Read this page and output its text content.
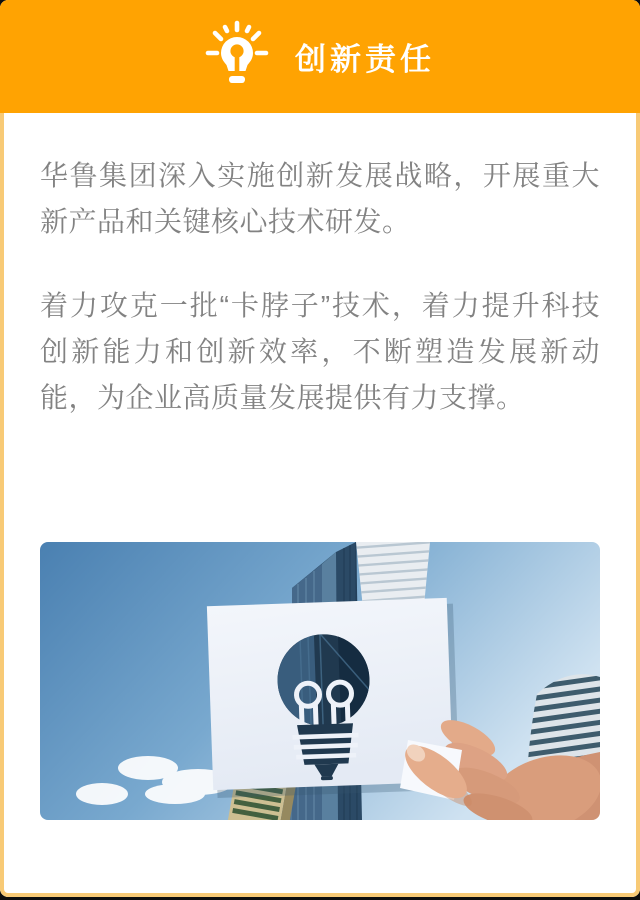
创新责任

华鲁集团深入实施创新发展战略，开展重大新产品和关键核心技术研发。

着力攻克一批“卡脖子”技术，着力提升科技创新能力和创新效率，不断塑造发展新动能，为企业高质量发展提供有力支撑。
